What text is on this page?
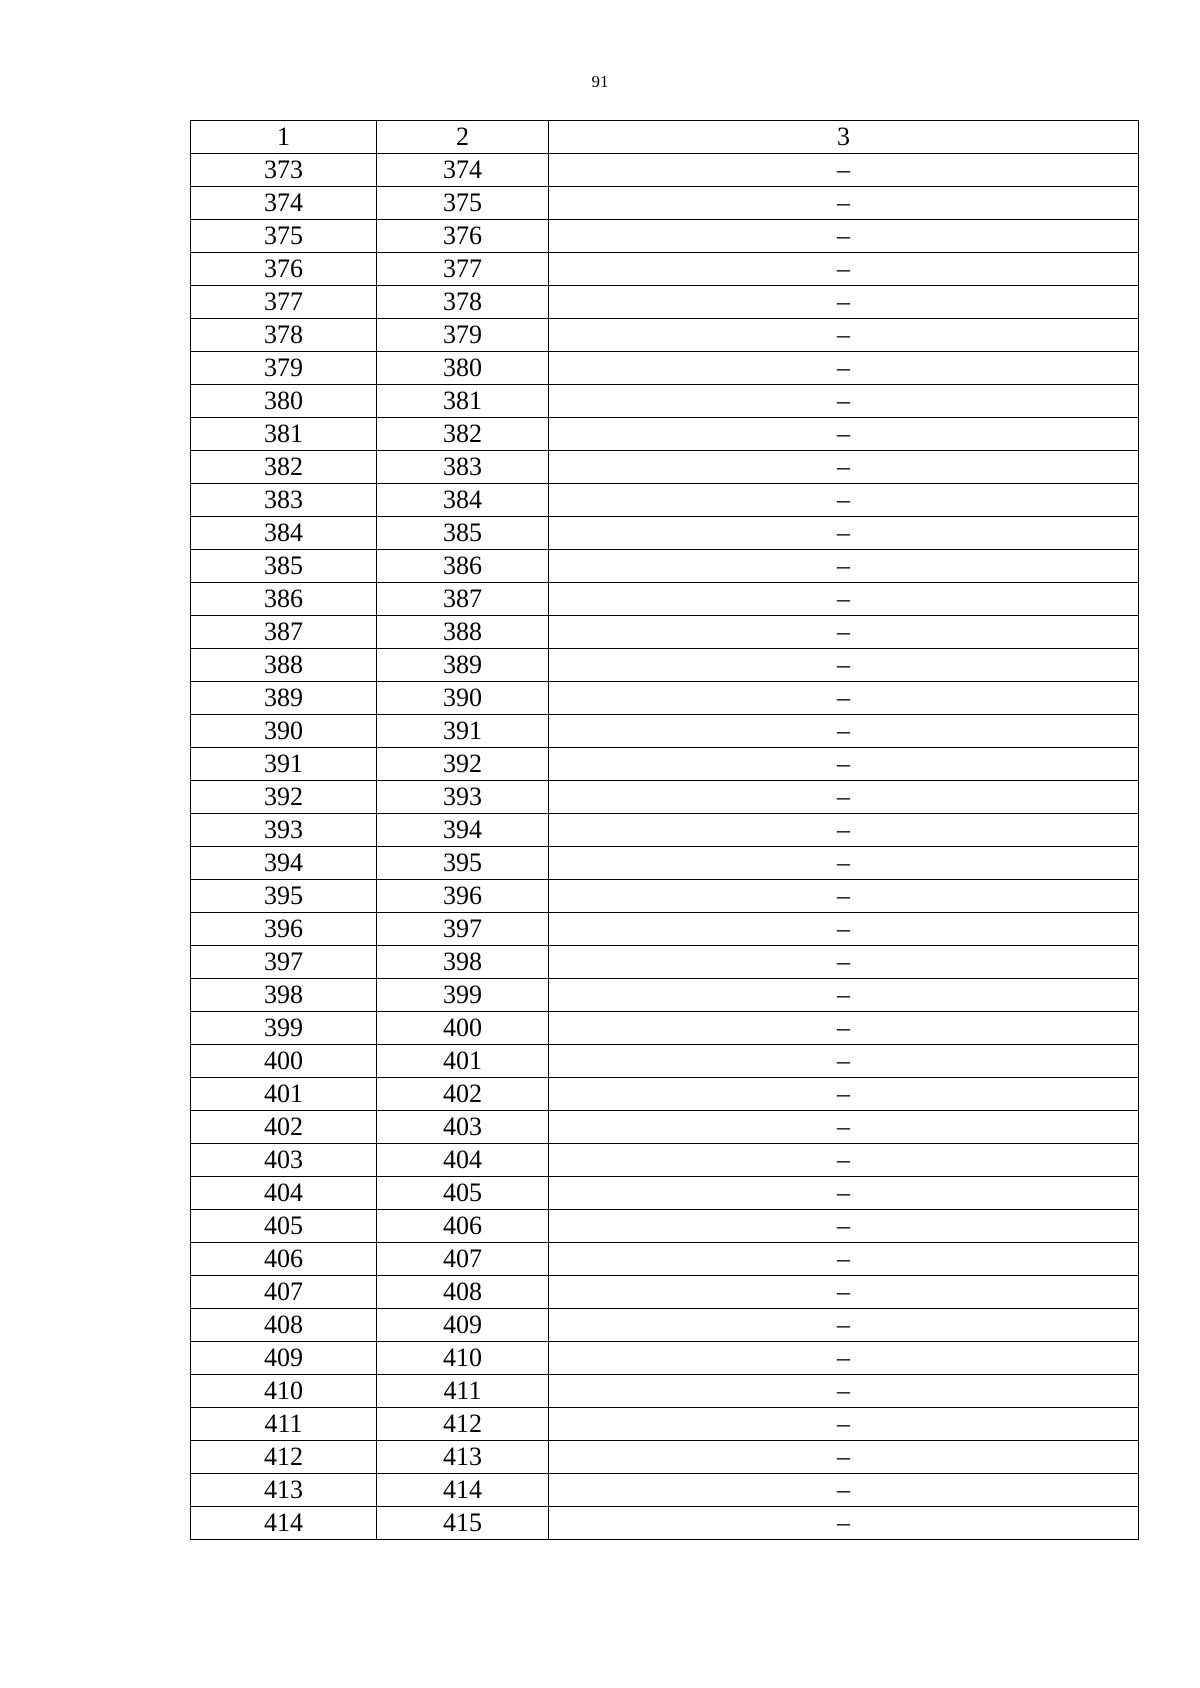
91
1	2	3
373	374	–
374	375	–
375	376	–
376	377	–
377	378	–
378	379	–
379	380	–
380	381	–
381	382	–
382	383	–
383	384	–
384	385	–
385	386	–
386	387	–
387	388	–
388	389	–
389	390	–
390	391	–
391	392	–
392	393	–
393	394	–
394	395	–
395	396	–
396	397	–
397	398	–
398	399	–
399	400	–
400	401	–
401	402	–
402	403	–
403	404	–
404	405	–
405	406	–
406	407	–
407	408	–
408	409	–
409	410	–
410	411	–
411	412	–
412	413	–
413	414	–
414	415	–
